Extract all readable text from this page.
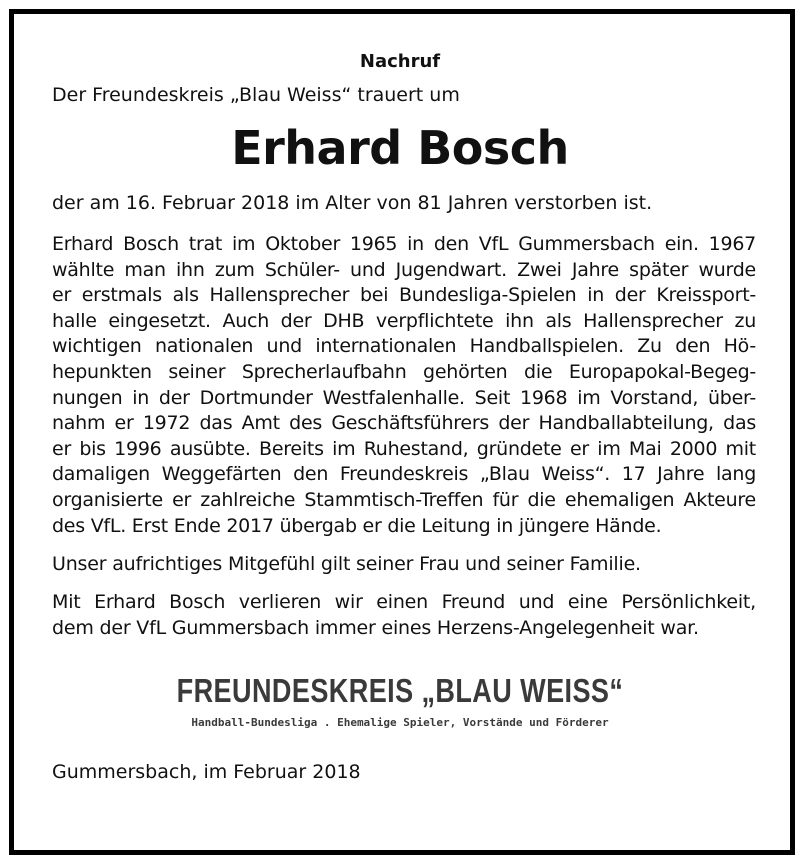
Nachruf
Der Freundeskreis „Blau Weiss“ trauert um
Erhard Bosch
der am 16. Februar 2018 im Alter von 81 Jahren verstorben ist.
Erhard Bosch trat im Oktober 1965 in den VfL Gummersbach ein. 1967
wählte man ihn zum Schüler- und Jugendwart. Zwei Jahre später wurde
er erstmals als Hallensprecher bei Bundesliga-Spielen in der Kreissport-
halle eingesetzt. Auch der DHB verpflichtete ihn als Hallensprecher zu
wichtigen nationalen und internationalen Handballspielen. Zu den Hö-
hepunkten seiner Sprecherlaufbahn gehörten die Europapokal-Begeg-
nungen in der Dortmunder Westfalenhalle. Seit 1968 im Vorstand, über-
nahm er 1972 das Amt des Geschäftsführers der Handballabteilung, das
er bis 1996 ausübte. Bereits im Ruhestand, gründete er im Mai 2000 mit
damaligen Weggefärten den Freundeskreis „Blau Weiss“. 17 Jahre lang
organisierte er zahlreiche Stammtisch-Treffen für die ehemaligen Akteure
des VfL. Erst Ende 2017 übergab er die Leitung in jüngere Hände.
Unser aufrichtiges Mitgefühl gilt seiner Frau und seiner Familie.
Mit Erhard Bosch verlieren wir einen Freund und eine Persönlichkeit,
dem der VfL Gummersbach immer eines Herzens-Angelegenheit war.
FREUNDESKREIS „BLAU WEISS“
Handball-Bundesliga . Ehemalige Spieler, Vorstände und Förderer
Gummersbach, im Februar 2018
